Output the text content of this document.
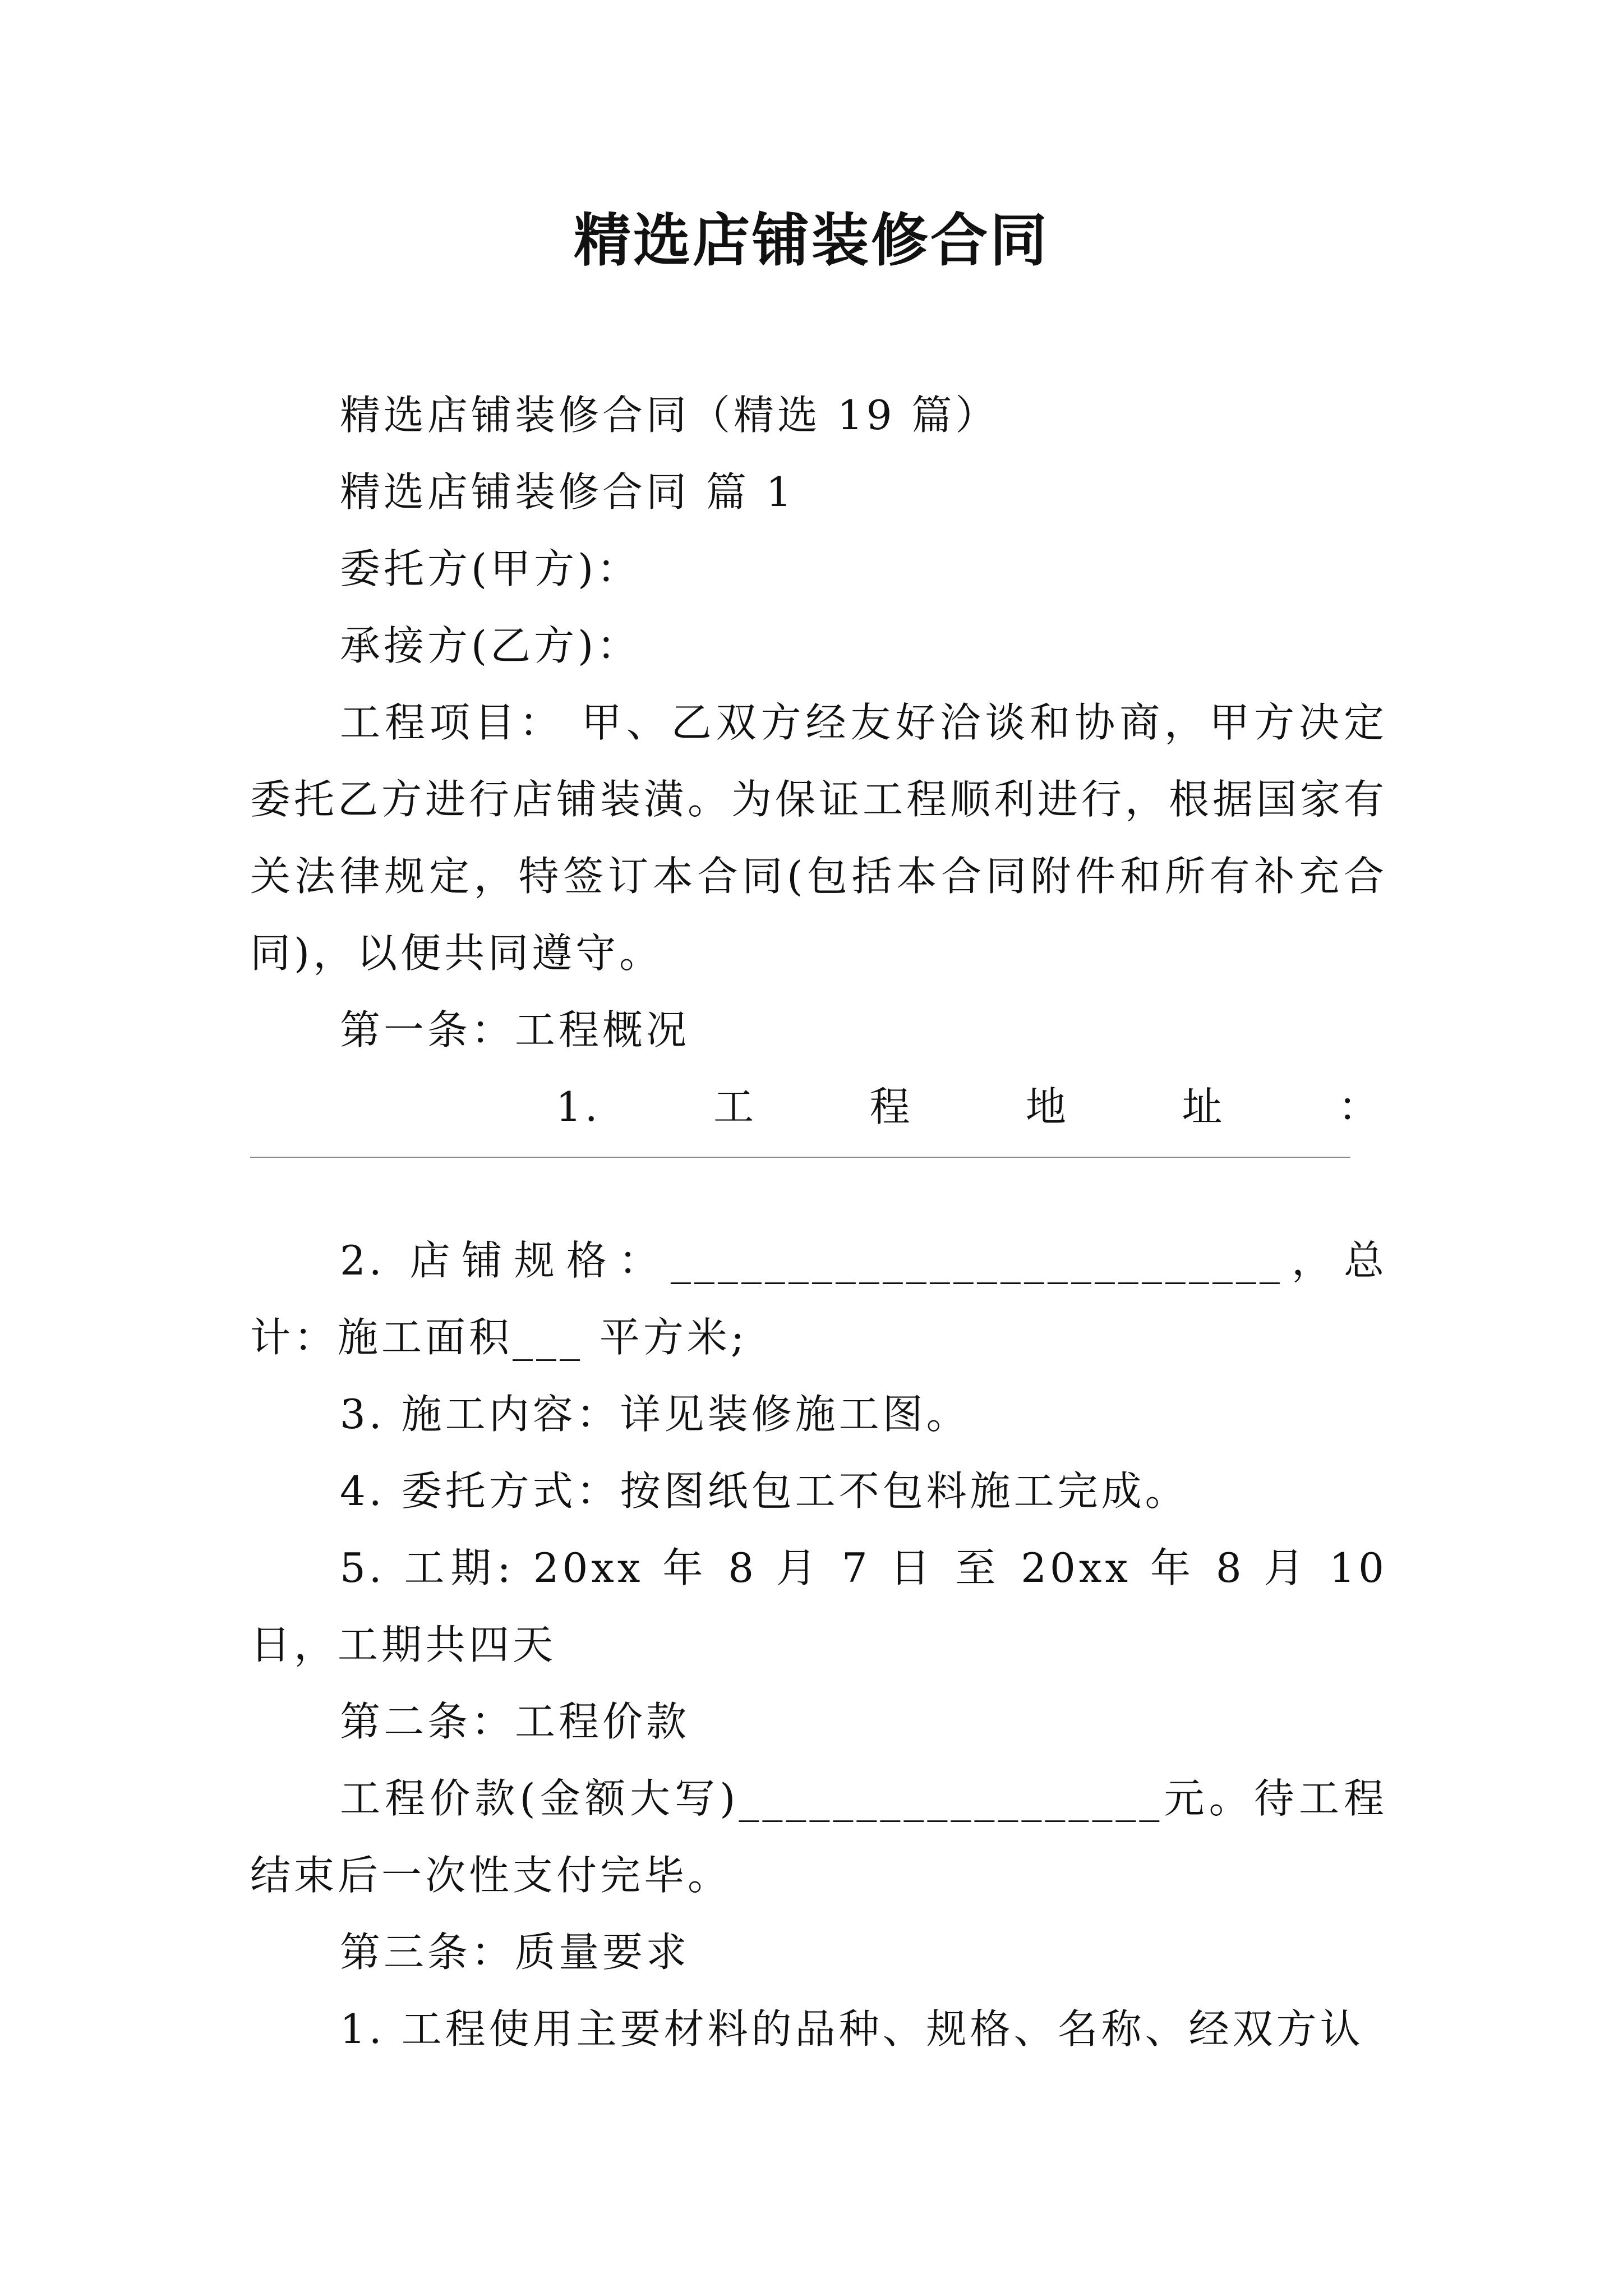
精选店铺装修合同

精选店铺装修合同（精选 19 篇）

精选店铺装修合同 篇 1

委托方(甲方)：

承接方(乙方)：

工程项目： 甲、乙双方经友好洽谈和协商，甲方决定委托乙方进行店铺装潢。为保证工程顺利进行，根据国家有关法律规定，特签订本合同(包括本合同附件和所有补充合同)，以便共同遵守。

第一条：工程概况

1.	工	程	地	址	：

2. 店铺规格：__________________________，总计：施工面积___ 平方米;

3. 施工内容：详见装修施工图。

4. 委托方式：按图纸包工不包料施工完成。

5. 工期: 20xx 年 8 月 7 日 至 20xx 年 8 月 10 日，工期共四天

第二条：工程价款

工程价款(金额大写)__________________元。待工程结束后一次性支付完毕。

第三条：质量要求

1. 工程使用主要材料的品种、规格、名称、经双方认
